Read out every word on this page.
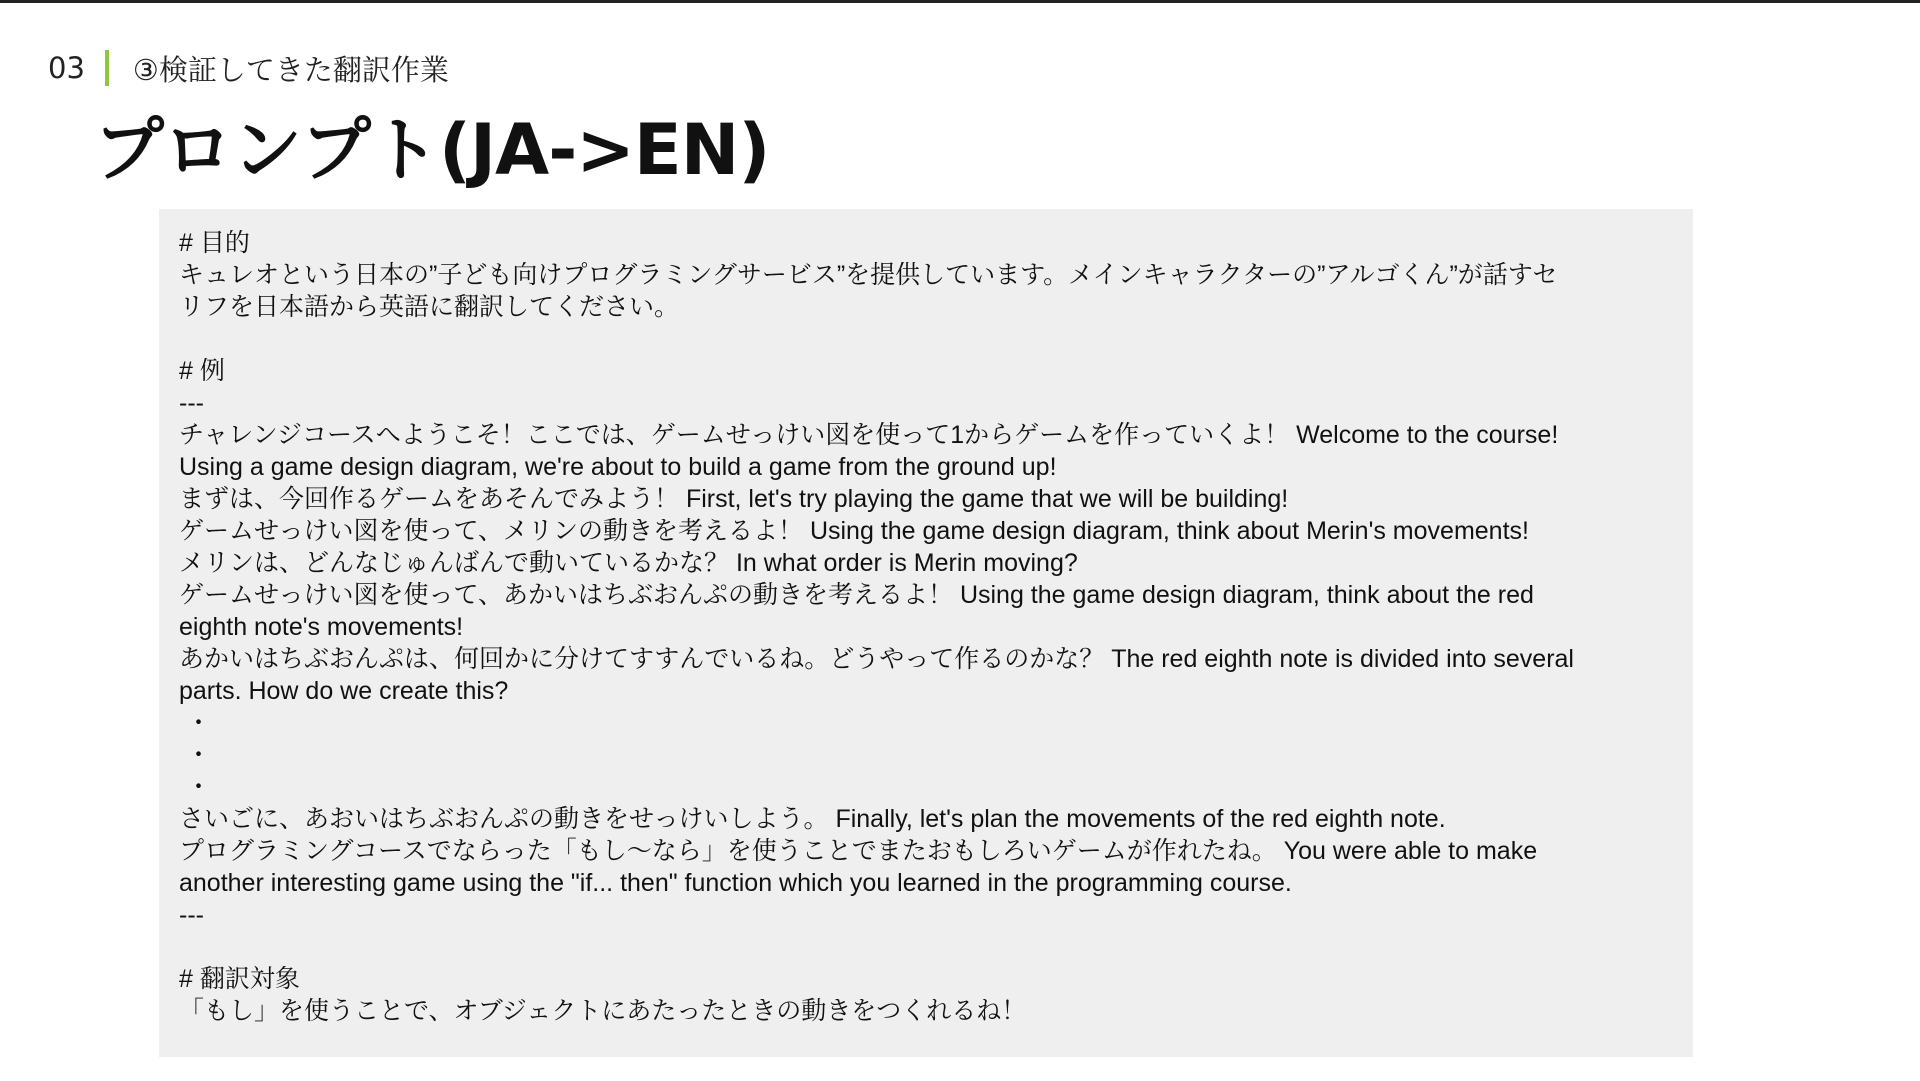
03 ③検証してきた翻訳作業
プロンプト(JA->EN)
# 目的
キュレオという日本の”子ども向けプログラミングサービス”を提供しています。メインキャラクターの”アルゴくん”が話すセ
リフを日本語から英語に翻訳してください。
# 例
---
チャレンジコースへようこそ！ここでは、ゲームせっけい図を使って1からゲームを作っていくよ！ Welcome to the course!
Using a game design diagram, we're about to build a game from the ground up!
まずは、今回作るゲームをあそんでみよう！ First, let's try playing the game that we will be building!
ゲームせっけい図を使って、メリンの動きを考えるよ！ Using the game design diagram, think about Merin's movements!
メリンは、どんなじゅんばんで動いているかな？ In what order is Merin moving?
ゲームせっけい図を使って、あかいはちぶおんぷの動きを考えるよ！ Using the game design diagram, think about the red
eighth note's movements!
あかいはちぶおんぷは、何回かに分けてすすんでいるね。どうやって作るのかな？ The red eighth note is divided into several
parts. How do we create this?
・
・
・
さいごに、あおいはちぶおんぷの動きをせっけいしよう。 Finally, let's plan the movements of the red eighth note.
プログラミングコースでならった「もし〜なら」を使うことでまたおもしろいゲームが作れたね。 You were able to make
another interesting game using the "if... then" function which you learned in the programming course.
---
# 翻訳対象
「もし」を使うことで、オブジェクトにあたったときの動きをつくれるね！
